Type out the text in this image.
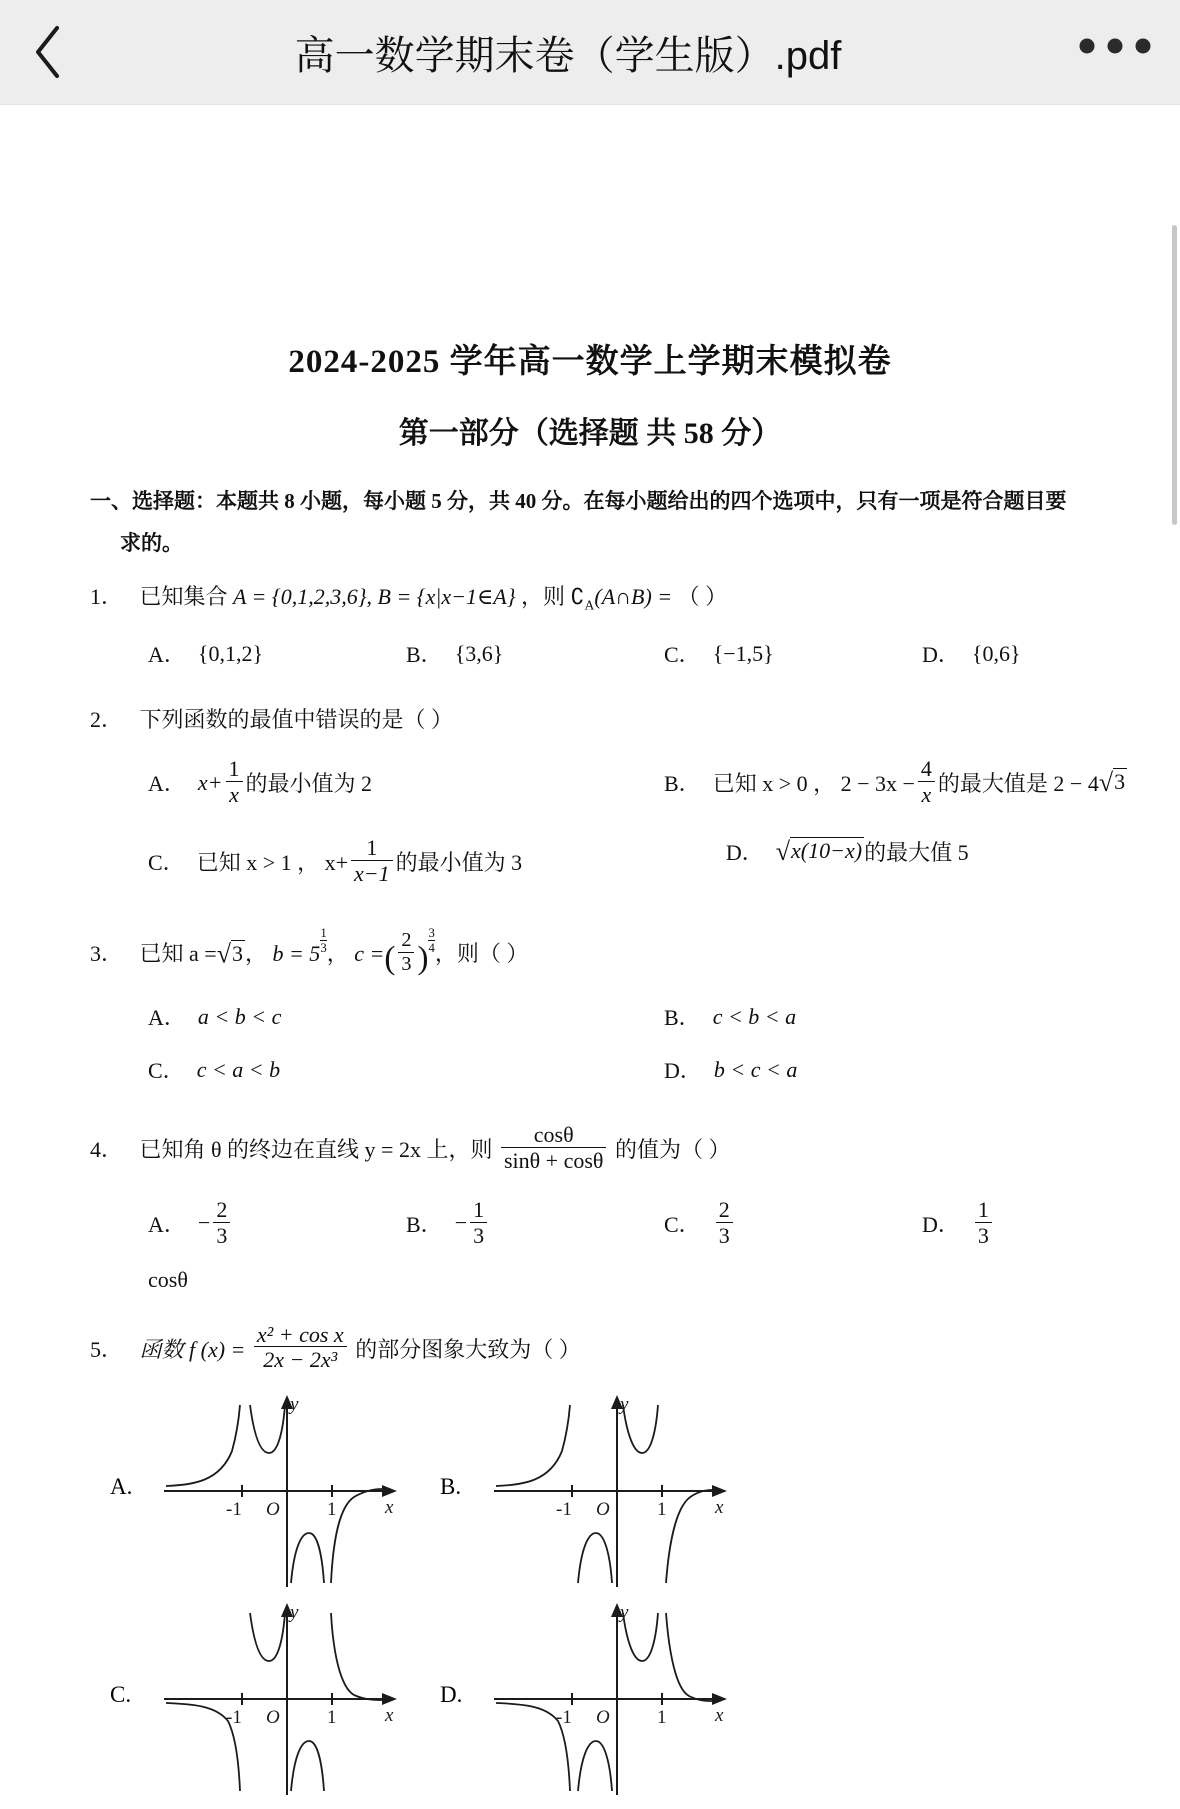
高一数学期末卷（学生版）.pdf
2024-2025 学年高一数学上学期末模拟卷
第一部分（选择题 共 58 分）
一、选择题：本题共 8 小题，每小题 5 分，共 40 分。在每小题给出的四个选项中，只有一项是符合题目要
求的。
1． 已知集合 A = {0,1,2,3,6}, B = {x|x−1∈A} ，则 $∁_A(A\cap B)$ = （ ）
A． {0,1,2}	B． {3,6}	C． {−1,5}	D． {0,6}
2． 下列函数的最值中错误的是（ ）
A． $x+ \frac{1}{x}$ 的最小值为 2	B． 已知 x > 0 ， $2 - 3x - \frac{4}{x}$ 的最大值是 2 − 4 √3
C． 已知 x > 1 ， $x+ \frac{1}{x-1}$ 的最小值为 3	D． √x(10−x) 的最大值 5
3． 已知 a =√3， $b = 5 \frac{1}{3}$ ， c =( $\frac{2}{3}$ ) $\frac{3}{4}$ ，则（ ）
A． a < b < c	B． c < b < a
C． c < a < b	D． b < c < a
4． 已知角 θ 的终边在直线 y = 2x 上，则 $\frac{\cos\theta}{\sin\theta + \cos\theta}$ 的值为（ ）
A． − $\frac{2}{3}$	B． − $\frac{1}{3}$	C． $\frac{2}{3}$	D． $\frac{1}{3}$
cosθ
5． 函数 f $(x) = \frac{\text{x² + cos x}}{\text{2x − 2x³}}$ 的部分图象大致为（ ）
A.
-1 O 1	x
y
B.
-1 O 1	x
y
C.
-1 O 1	x
y
D.
-1 O 1	x
y
